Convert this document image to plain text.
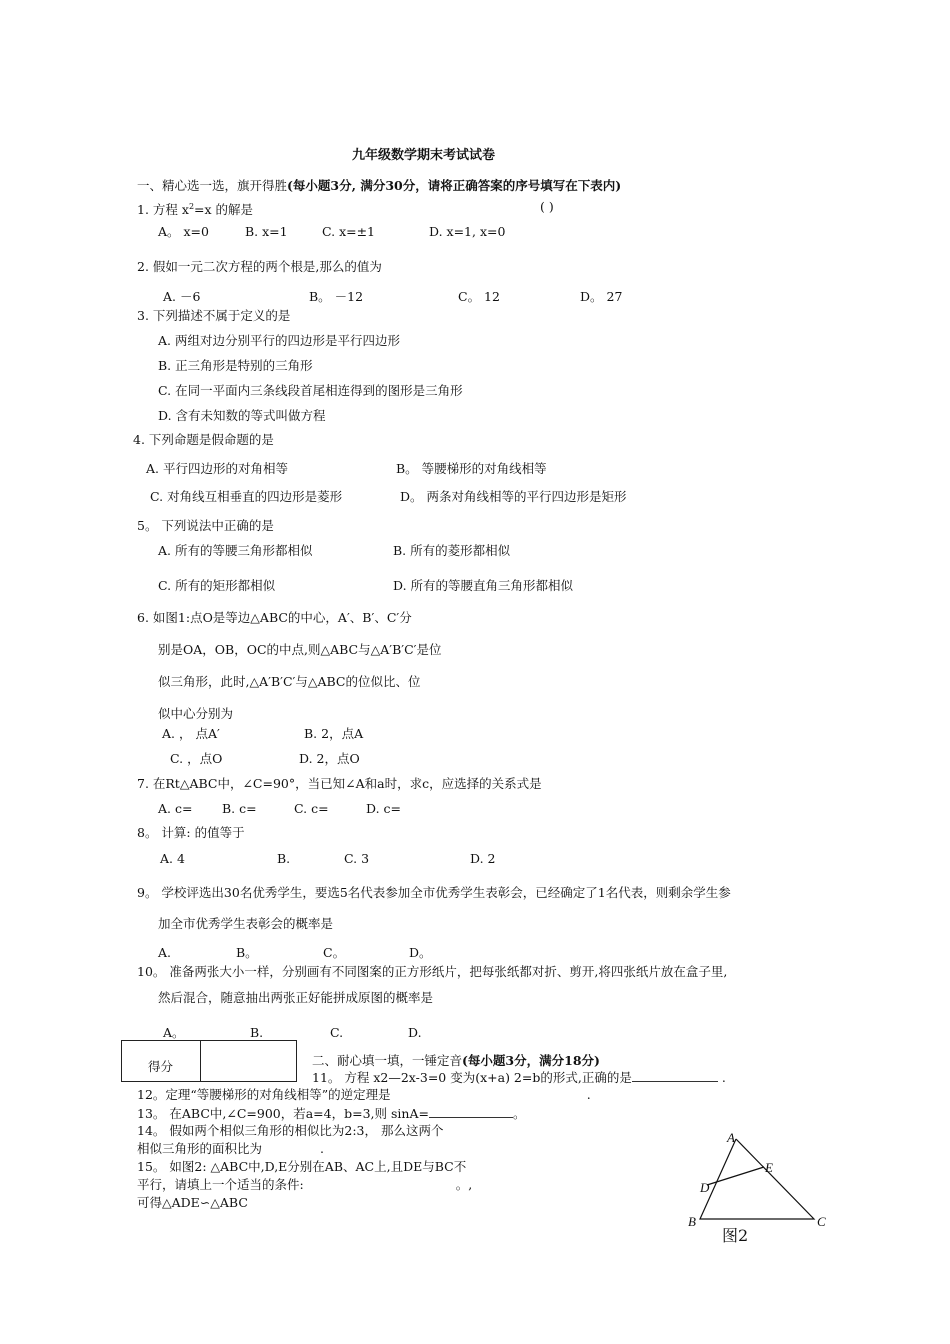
九年级数学期末考试试卷
一、精心选一选，旗开得胜(每小题3分, 满分30分，请将正确答案的序号填写在下表内)
1. 方程 $x^2=x$ 的解是	( )
A。 x=0	B. x=1	C. x=±1	D. x=1, x=0
2. 假如一元二次方程的两个根是,那么的值为
A. －6	B。 －12	C。 12	D。 27
3. 下列描述不属于定义的是
A. 两组对边分别平行的四边形是平行四边形
B. 正三角形是特别的三角形
C. 在同一平面内三条线段首尾相连得到的图形是三角形
D. 含有未知数的等式叫做方程
4. 下列命题是假命题的是
A. 平行四边形的对角相等	B。 等腰梯形的对角线相等
C. 对角线互相垂直的四边形是菱形	D。 两条对角线相等的平行四边形是矩形
5。 下列说法中正确的是
A. 所有的等腰三角形都相似	B. 所有的菱形都相似
C. 所有的矩形都相似	D. 所有的等腰直角三角形都相似
6. 如图1:点O是等边△ABC的中心，A′、B′、C′分
别是OA，OB，OC的中点,则△ABC与△A′B′C′是位
似三角形，此时,△A′B′C′与△ABC的位似比、位
似中心分别为
A. ， 点A′	B. 2，点A
C. ，点O	D. 2，点O
7. 在Rt△ABC中，∠C=90°，当已知∠A和a时，求c，应选择的关系式是
A. c= B. c=	C. c=	D. c=
8。 计算: 的值等于
A. 4	B.	C. 3	D. 2
9。 学校评选出30名优秀学生，要选5名代表参加全市优秀学生表彰会，已经确定了1名代表，则剩余学生参
加全市优秀学生表彰会的概率是
A.	B。	C。	D。
10。 准备两张大小一样，分别画有不同图案的正方形纸片，把每张纸都对折、剪开,将四张纸片放在盒子里,
然后混合，随意抽出两张正好能拼成原图的概率是
A。	B.	C.	D.
得分	二、耐心填一填，一锤定音(每小题3分，满分18分)
11。 方程 x2—2x-3=0 变为(x+a) 2=b的形式,正确的是	.
12。定理“等腰梯形的对角线相等”的逆定理是	.
13。 在ABC中,∠C=900，若a=4，b=3,则 sinA=	。
14。 假如两个相似三角形的相似比为2:3， 那么这两个
相似三角形的面积比为	.
15。 如图2: △ABC中,D,E分别在AB、AC上,且DE与BC不
平行，请填上一个适当的条件:	。,
可得△ADE∽△ABC
A
E
D
B	C
图2
